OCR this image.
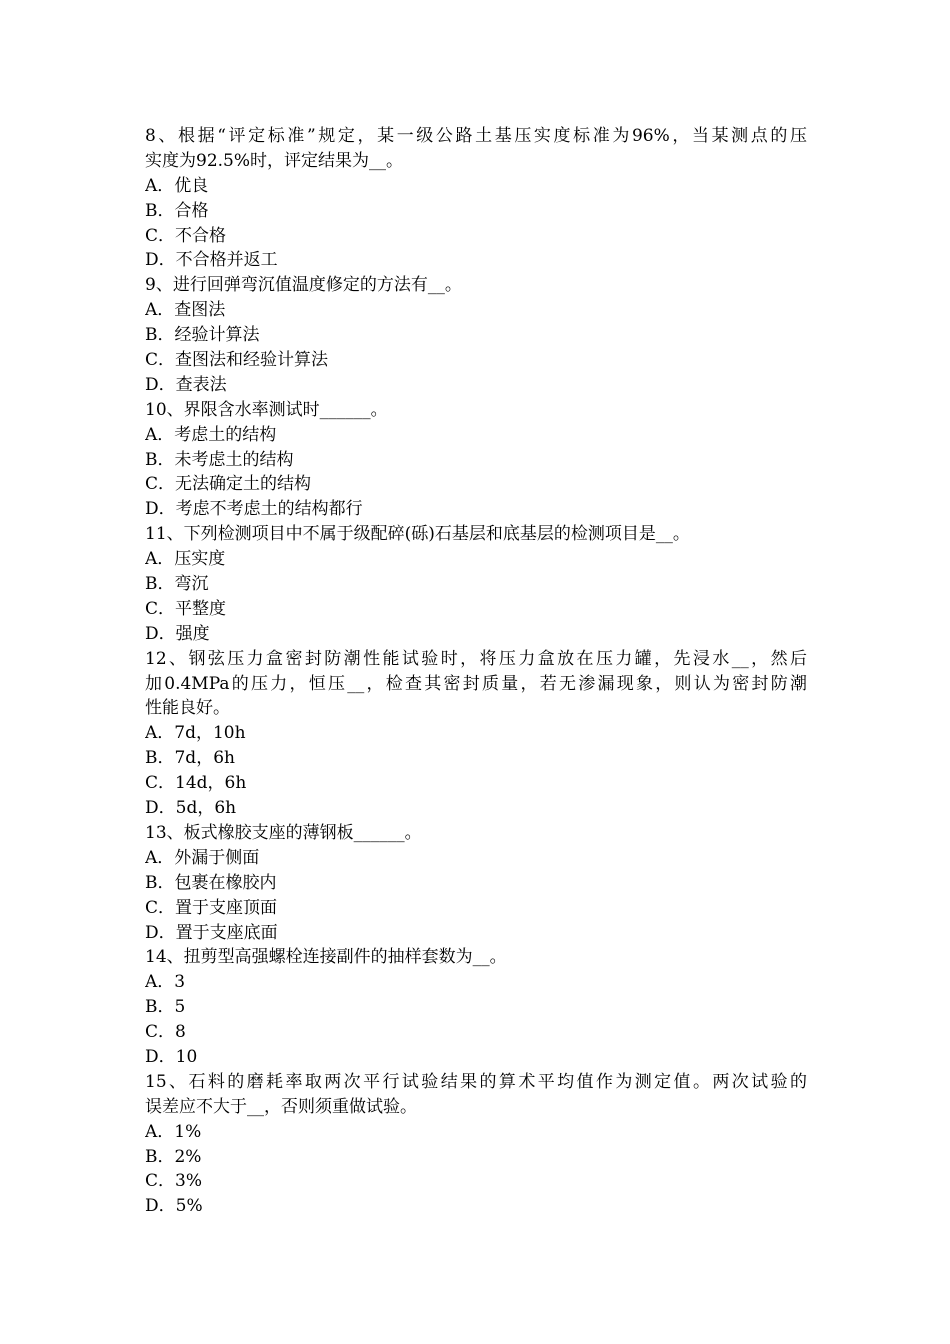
8、根据“评定标准”规定，某一级公路土基压实度标准为96%，当某测点的压
实度为92.5%时，评定结果为__。
A．优良
B．合格
C．不合格
D．不合格并返工
9、进行回弹弯沉值温度修定的方法有__。
A．查图法
B．经验计算法
C．查图法和经验计算法
D．查表法
10、界限含水率测试时______。
A．考虑土的结构
B．未考虑土的结构
C．无法确定土的结构
D．考虑不考虑土的结构都行
11、下列检测项目中不属于级配碎(砾)石基层和底基层的检测项目是__。
A．压实度
B．弯沉
C．平整度
D．强度
12、钢弦压力盒密封防潮性能试验时，将压力盒放在压力罐，先浸水__，然后
加0.4MPa的压力，恒压__，检查其密封质量，若无渗漏现象，则认为密封防潮
性能良好。
A．7d，10h
B．7d，6h
C．14d，6h
D．5d，6h
13、板式橡胶支座的薄钢板______。
A．外漏于侧面
B．包裹在橡胶内
C．置于支座顶面
D．置于支座底面
14、扭剪型高强螺栓连接副件的抽样套数为__。
A．3
B．5
C．8
D．10
15、石料的磨耗率取两次平行试验结果的算术平均值作为测定值。两次试验的
误差应不大于__，否则须重做试验。
A．1%
B．2%
C．3%
D．5%
